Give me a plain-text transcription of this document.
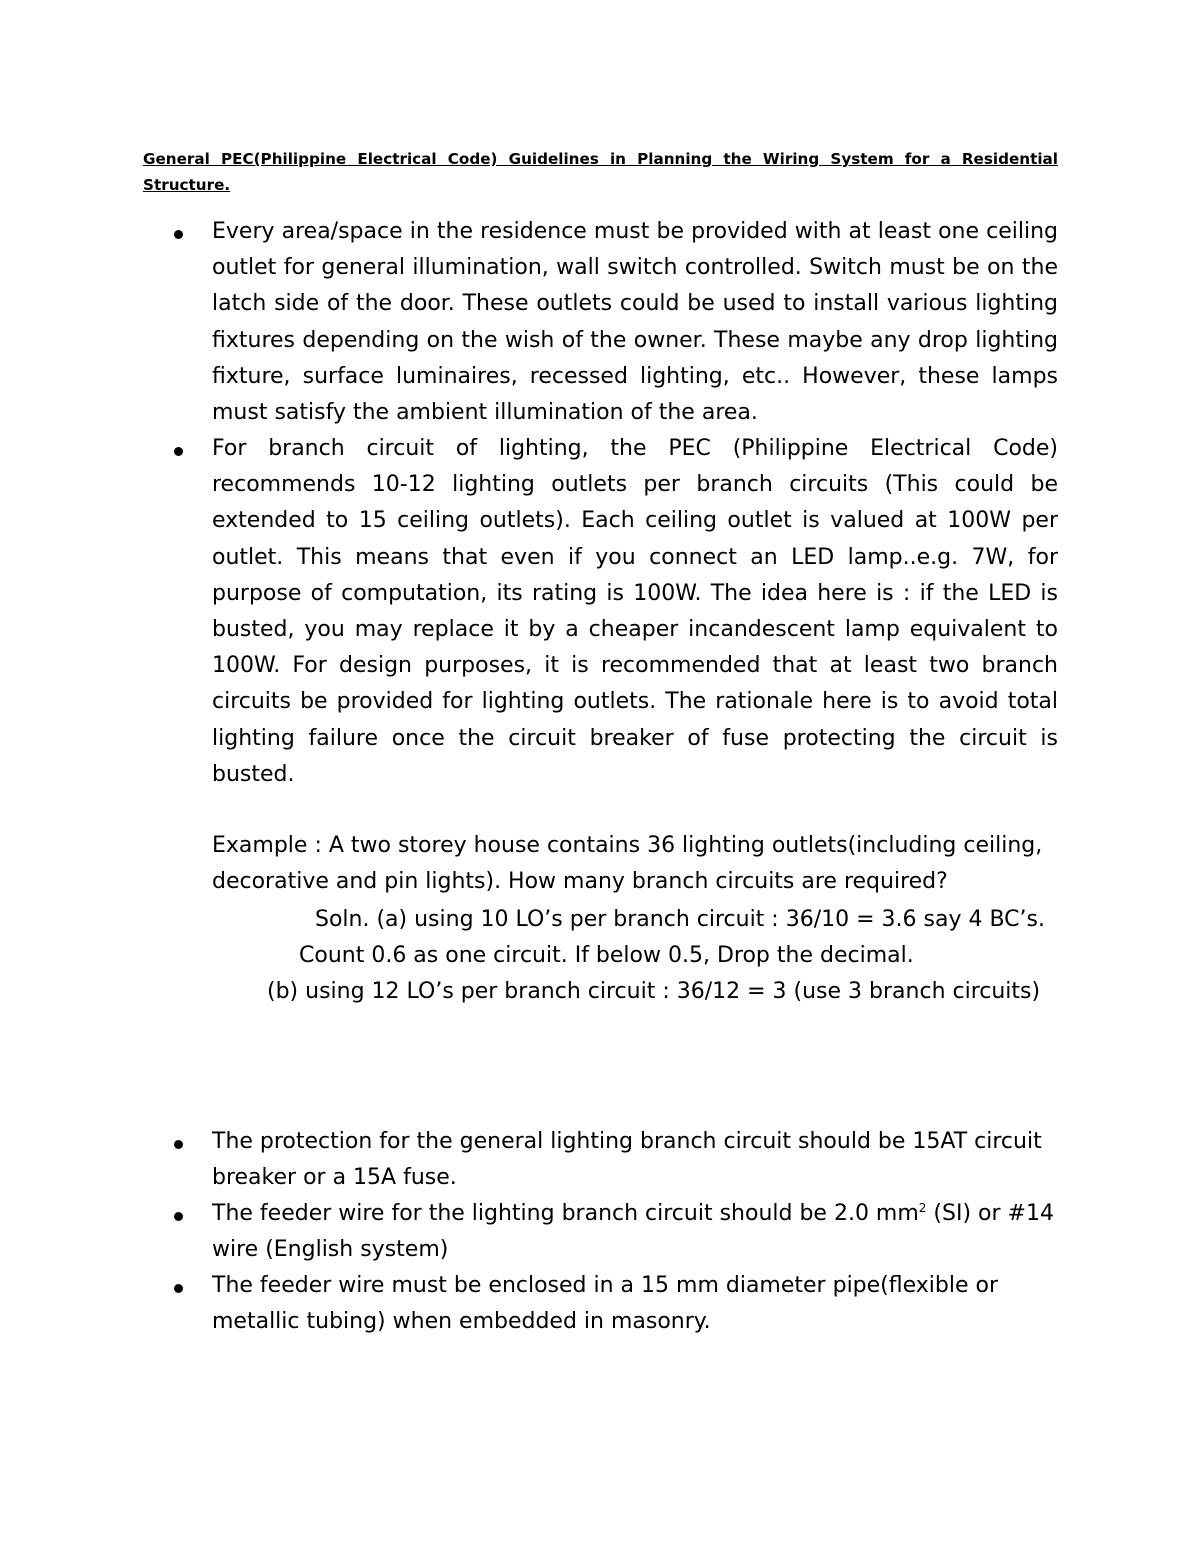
General PEC(Philippine Electrical Code) Guidelines in Planning the Wiring System for a Residential Structure.

Every area/space in the residence must be provided with at least one ceiling outlet for general illumination, wall switch controlled. Switch must be on the latch side of the door. These outlets could be used to install various lighting fixtures depending on the wish of the owner. These maybe any drop lighting fixture, surface luminaires, recessed lighting, etc.. However, these lamps must satisfy the ambient illumination of the area.

For branch circuit of lighting, the PEC (Philippine Electrical Code) recommends 10-12 lighting outlets per branch circuits (This could be extended to 15 ceiling outlets). Each ceiling outlet is valued at 100W per outlet. This means that even if you connect an LED lamp..e.g. 7W, for purpose of computation, its rating is 100W. The idea here is : if the LED is busted, you may replace it by a cheaper incandescent lamp equivalent to 100W. For design purposes, it is recommended that at least two branch circuits be provided for lighting outlets. The rationale here is to avoid total lighting failure once the circuit breaker of fuse protecting the circuit is busted.

Example : A two storey house contains 36 lighting outlets(including ceiling, decorative and pin lights). How many branch circuits are required?

Soln. (a) using 10 LO’s per branch circuit : 36/10 = 3.6 say 4 BC’s.

Count 0.6 as one circuit. If below 0.5, Drop the decimal.

(b) using 12 LO’s per branch circuit : 36/12 = 3 (use 3 branch circuits)

The protection for the general lighting branch circuit should be 15AT circuit breaker or a 15A fuse.

The feeder wire for the lighting branch circuit should be 2.0 $mm^2$ (SI) or #14 wire (English system)

The feeder wire must be enclosed in a 15 mm diameter pipe(flexible or metallic tubing) when embedded in masonry.
